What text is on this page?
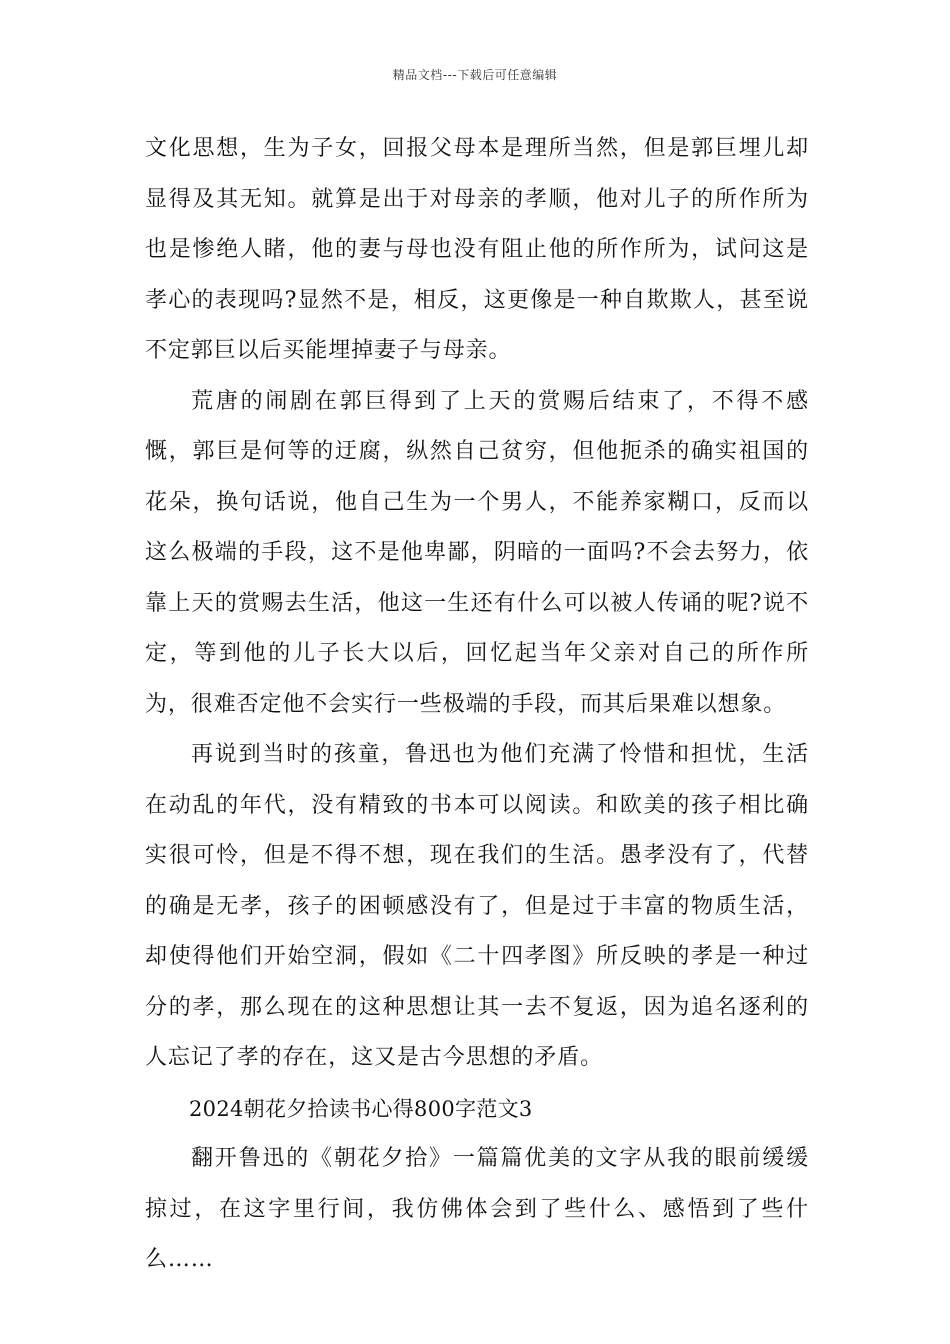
精品文档---下载后可任意编辑

文化思想，生为子女，回报父母本是理所当然，但是郭巨埋儿却显得及其无知。就算是出于对母亲的孝顺，他对儿子的所作所为也是惨绝人睹，他的妻与母也没有阻止他的所作所为，试问这是孝心的表现吗?显然不是，相反，这更像是一种自欺欺人，甚至说不定郭巨以后买能埋掉妻子与母亲。

荒唐的闹剧在郭巨得到了上天的赏赐后结束了，不得不感慨，郭巨是何等的迂腐，纵然自己贫穷，但他扼杀的确实祖国的花朵，换句话说，他自己生为一个男人，不能养家糊口，反而以这么极端的手段，这不是他卑鄙，阴暗的一面吗?不会去努力，依靠上天的赏赐去生活，他这一生还有什么可以被人传诵的呢?说不定，等到他的儿子长大以后，回忆起当年父亲对自己的所作所为，很难否定他不会实行一些极端的手段，而其后果难以想象。

再说到当时的孩童，鲁迅也为他们充满了怜惜和担忧，生活在动乱的年代，没有精致的书本可以阅读。和欧美的孩子相比确实很可怜，但是不得不想，现在我们的生活。愚孝没有了，代替的确是无孝，孩子的困顿感没有了，但是过于丰富的物质生活，却使得他们开始空洞，假如《二十四孝图》所反映的孝是一种过分的孝，那么现在的这种思想让其一去不复返，因为追名逐利的人忘记了孝的存在，这又是古今思想的矛盾。

2024朝花夕拾读书心得800字范文3

翻开鲁迅的《朝花夕拾》一篇篇优美的文字从我的眼前缓缓掠过，在这字里行间，我仿佛体会到了些什么、感悟到了些什么……
